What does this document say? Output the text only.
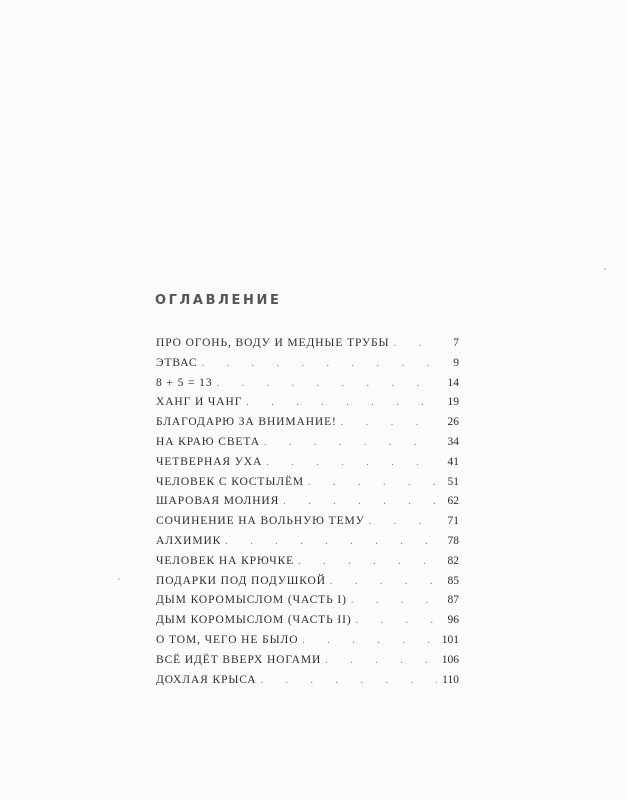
ОГЛАВЛЕНИЕ
ПРО ОГОНЬ, ВОДУ И МЕДНЫЕ ТРУБЫ . . .	7
ЭТВАС . . .	9
8 + 5 = 13 . . .	14
ХАНГ И ЧАНГ . . .	19
БЛАГОДАРЮ ЗА ВНИМАНИЕ! . . .	26
НА КРАЮ СВЕТА . . .	34
ЧЕТВЕРНАЯ УХА . . .	41
ЧЕЛОВЕК С КОСТЫЛЁМ . . .	51
ШАРОВАЯ МОЛНИЯ . . .	62
СОЧИНЕНИЕ НА ВОЛЬНУЮ ТЕМУ . . .	71
АЛХИМИК . . .	78
ЧЕЛОВЕК НА КРЮЧКЕ . . .	82
ПОДАРКИ ПОД ПОДУШКОЙ . . .	85
ДЫМ КОРОМЫСЛОМ (ЧАСТЬ I) . . .	87
ДЫМ КОРОМЫСЛОМ (ЧАСТЬ II) . . .	96
О ТОМ, ЧЕГО НЕ БЫЛО . . .	101
ВСЁ ИДЁТ ВВЕРХ НОГАМИ . . .	106
ДОХЛАЯ КРЫСА . . .	110
